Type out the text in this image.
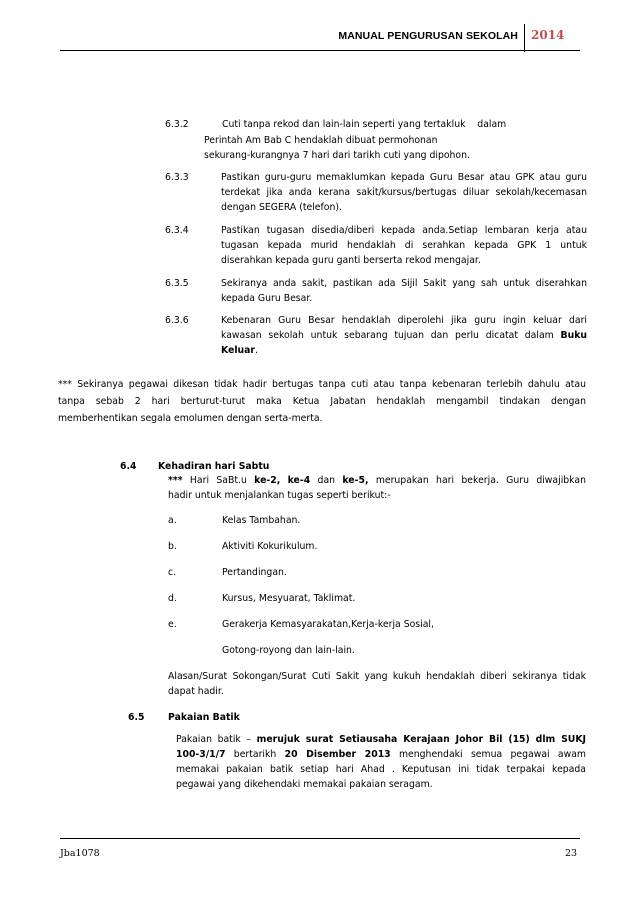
MANUAL PENGURUSAN SEKOLAH 2014
6.3.2	Cuti tanpa rekod dan lain-lain seperti yang tertakluk    dalam
Perintah Am Bab C hendaklah dibuat permohonan
sekurang-kurangnya 7 hari dari tarikh cuti yang dipohon.
6.3.3	Pastikan guru-guru memaklumkan kepada Guru Besar atau GPK atau guru
terdekat jika anda kerana sakit/kursus/bertugas diluar sekolah/kecemasan
dengan SEGERA (telefon).
6.3.4	Pastikan tugasan disedia/diberi kepada anda.Setiap lembaran kerja atau
tugasan kepada murid hendaklah di serahkan kepada GPK 1 untuk
diserahkan kepada guru ganti berserta rekod mengajar.
6.3.5	Sekiranya anda sakit, pastikan ada Sijil Sakit yang sah untuk diserahkan
kepada Guru Besar.
6.3.6	Kebenaran Guru Besar hendaklah diperolehi jika guru ingin keluar dari
kawasan sekolah untuk sebarang tujuan dan perlu dicatat dalam Buku
Keluar.
*** Sekiranya pegawai dikesan tidak hadir bertugas tanpa cuti atau tanpa kebenaran terlebih dahulu atau
tanpa sebab 2 hari berturut-turut maka Ketua Jabatan hendaklah mengambil tindakan dengan
memberhentikan segala emolumen dengan serta-merta.
6.4 Kehadiran hari Sabtu
*** Hari SaBt.u ke-2, ke-4 dan ke-5, merupakan hari bekerja. Guru diwajibkan
hadir untuk menjalankan tugas seperti berikut:-
a.	Kelas Tambahan.
b.	Aktiviti Kokurikulum.
c.	Pertandingan.
d.	Kursus, Mesyuarat, Taklimat.
e.	Gerakerja Kemasyarakatan,Kerja-kerja Sosial,
Gotong-royong dan lain-lain.
Alasan/Surat Sokongan/Surat Cuti Sakit yang kukuh hendaklah diberi sekiranya tidak
dapat hadir.
6.5	Pakaian Batik
Pakaian batik – merujuk surat Setiausaha Kerajaan Johor Bil (15) dlm SUKJ
100-3/1/7 bertarikh 20 Disember 2013 menghendaki semua pegawai awam
memakai pakaian batik setiap hari Ahad . Keputusan ini tidak terpakai kepada
pegawai yang dikehendaki memakai pakaian seragam.
Jba1078	23
